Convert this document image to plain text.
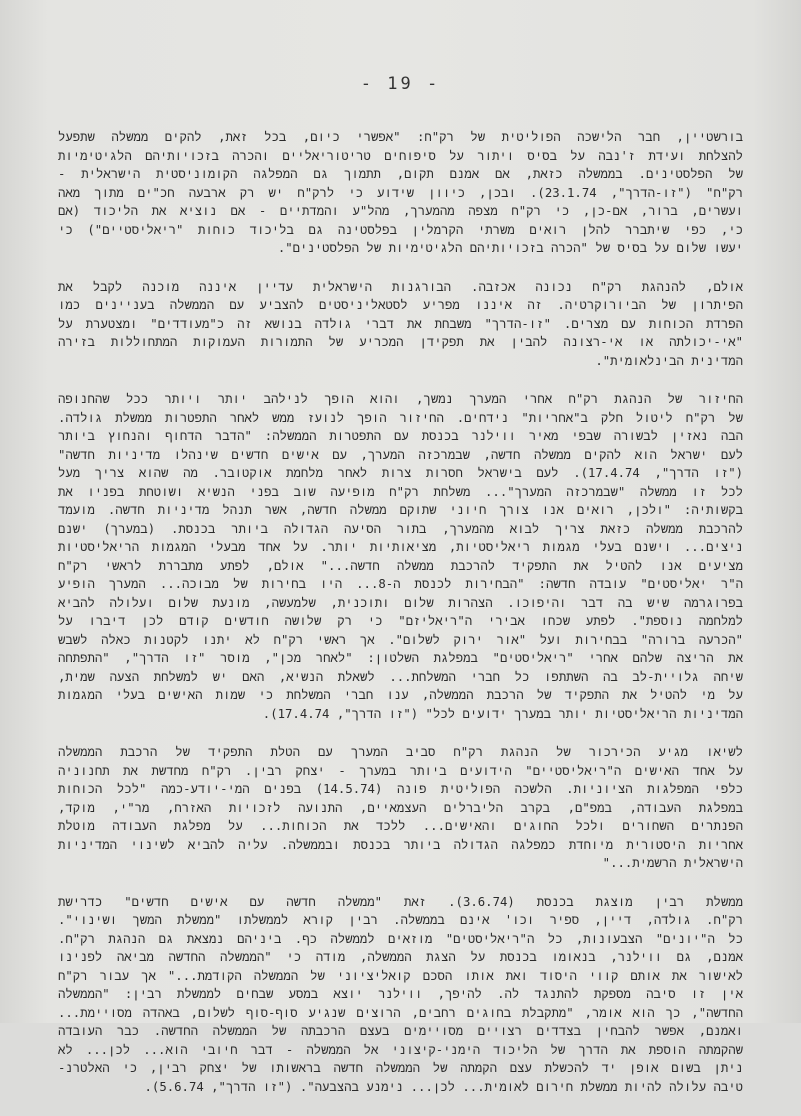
- 19 -
בורשטיין, חבר הלישכה הפוליטית של רק"ח: "אפשרי כיום, בכל זאת, להקים ממשלה שתפעל
להצלחת ועידת ז'נבה על בסיס ויתור על סיפוחים טריטוריאליים והכרה בזכויותיהם הלגיטימיות
של הפלסטינים. בממשלה כזאת, אם אמנם תקום, תתמוך גם המפלגה הקומוניסטית הישראלית -
רק"ח" ("זו-הדרך", 23.1.74). ובכן, כיוון שידוע כי לרק"ח יש רק ארבעה חכ"ים מתוך מאה
ועשרים, ברור, אם-כן, כי רק"ח מצפה מהמערך, מהל"ע והמדתיים - אם נוציא את הליכוד (אם
כי, כפי שיתברר להלן רואים משרתי הקרמלין בפלסטינה גם בליכוד כוחות "ריאליסטיים") כי
יעשו שלום על בסיס של "הכרה בזכויותיהם הלגיטימיות של הפלסטינים".
אולם, להנהגת רק"ח נכונה אכזבה. הבורגנות הישראלית עדיין איננה מוכנה לקבל את
הפיתרון של הביורוקרטיה. זה איננו מפריע לסטאליניסטים להצביע עם הממשלה בעניינים כמו
הפרדת הכוחות עם מצרים. "זו-הדרך" משבחת את דברי גולדה בנושא זה כ"מעודדים" ומצטערת על
"אי-יכולתה או אי-רצונה להבין את תפקידן המכריע של התמורות העמוקות המתחוללות בזירה
המדינית הבינלאומית".
החיזור של הנהגת רק"ח אחרי המערך נמשך, והוא הופך לנילהב יותר ויותר ככל שהחנופה
של רק"ח ליטול חלק ב"אחריות" נידחים. החיזור הופך לנועז ממש לאחר התפטרות ממשלת גולדה.
הבה נאזין לבשורה שבפי מאיר ווילנר בכנסת עם התפטרות הממשלה: "הדבר הדחוף והנחוץ ביותר
לעם ישראל הוא להקים ממשלה חדשה, שבמרכזה המערך, עם אישים חדשים שינהלו מדיניות חדשה"
("זו הדרך", 17.4.74). לעם בישראל חסרות צרות לאחר מלחמת אוקטובר. מה שהוא צריך מעל
לכל זו ממשלה "שבמרכזה המערך"... משלחת רק"ח מופיעה שוב בפני הנשיא ושוטחת בפניו את
בקשותיה: "ולכן, רואים אנו צורך חיוני שתוקם ממשלה חדשה, אשר תנהל מדיניות חדשה. מועמד
להרכבת ממשלה כזאת צריך לבוא מהמערך, בתור הסיעה הגדולה ביותר בכנסת. (במערך) ישנם
ניצים... וישנם בעלי מגמות ריאליסטיות, מציאותיות יותר. על אחד מבעלי המגמות הריאליסטיות
מציעים אנו להטיל את התפקיד להרכבת ממשלה חדשה..." אולם, לפתע מתבררת לראשי רק"ח
ה"ר יאליסטים" עובדה חדשה: "הבחירות לכנסת ה-8... היו בחירות של מבוכה... המערך הופיע
בפרוגרמה שיש בה דבר והיפוכו. הצהרות שלום ותוכנית, שלמעשה, מונעת שלום ועלולה להביא
למלחמה נוספת". לפתע שכחו אבירי ה"ריאליזם" כי רק שלושה חודשים קודם לכן דיברו על
"הכרעה ברורה" בבחירות ועל "אור ירוק לשלום". אך ראשי רק"ח לא יתנו לקטנות כאלה לשבש
את הריצה שלהם אחרי "ריאליסטים" במפלגת השלטון: "לאחר מכן", מוסר "זו הדרך", "התפתחה
שיחה גלויית-לב בה השתתפו כל חברי המשלחת... לשאלת הנשיא, האם יש למשלחת הצעה שמית,
על מי להטיל את התפקיד של הרכבת הממשלה, ענו חברי המשלחת כי שמות האישים בעלי המגמות
המדיניות הריאליסטיות יותר במערך ידועים לכל" ("זו הדרך", 17.4.74).
לשיאו מגיע הכירכור של הנהגת רק"ח סביב המערך עם הטלת התפקיד של הרכבת הממשלה
על אחד האישים ה"ריאליסטיים" הידועים ביותר במערך - יצחק רבין. רק"ח מחדשת את תחנוניה
כלפי המפלגות הציוניות. הלשכה הפוליטית פונה (14.5.74) בפנים המי-יודע-כמה "לכל הכוחות
במפלגת העבודה, במפ"ם, בקרב הליברלים העצמאיים, התנועה לזכויות האזרח, מר"י, מוקד,
הפנתרים השחורים ולכל החוגים והאישים... ללכד את הכוחות... על מפלגת העבודה מוטלת
אחריות היסטורית מיוחדת כמפלגה הגדולה ביותר בכנסת ובממשלה. עליה להביא לשינוי המדיניות
הישראלית הרשמית..."
ממשלת רבין מוצגת בכנסת (3.6.74). זאת "ממשלה חדשה עם אישים חדשים" כדרישת
רק"ח. גולדה, דיין, ספיר וכו' אינם בממשלה. רבין קורא לממשלתו "ממשלת המשך ושינוי".
כל ה"יונים" הצבעונות, כל ה"ריאליסטים" מוזאים לממשלה כף. ביניהם נמצאת גם הנהגת רק"ח.
אמנם, גם ווילנר, בנאומו בכנסת על הצגת הממשלה, מודה כי "הממשלה החדשה מביאה לפנינו
לאישור את אותם קווי היסוד ואת אותו הסכם קואליציוני של הממשלה הקודמת..." אך עבור רק"ח
אין זו סיבה מספקת להתנגד לה. להיפך, ווילנר יוצא במסע שבחים לממשלת רבין: "הממשלה
החדשה", כך הוא אומר, "מתקבלת בחוגים רחבים, הרוצים שנגיע סוף-סוף לשלום, באהדה מסויימת...
ואמנם, אפשר להבחין בצדדים רצויים מסויימים בעצם הרכבתה של הממשלה החדשה. כבר העובדה
שהקמתה הוספת את הדרך של הליכוד הימני-קיצוני אל הממשלה - דבר חיובי הוא... לכן... לא
ניתן בשום אופן יד להכשלת עצם הקמתה של הממשלה חדשה בראשותו של יצחק רבין, כי האלטרנ-
טיבה עלולה להיות ממשלת חירום לאומית... לכן... נימנע בהצבעה". ("זו הדרך", 5.6.74).
